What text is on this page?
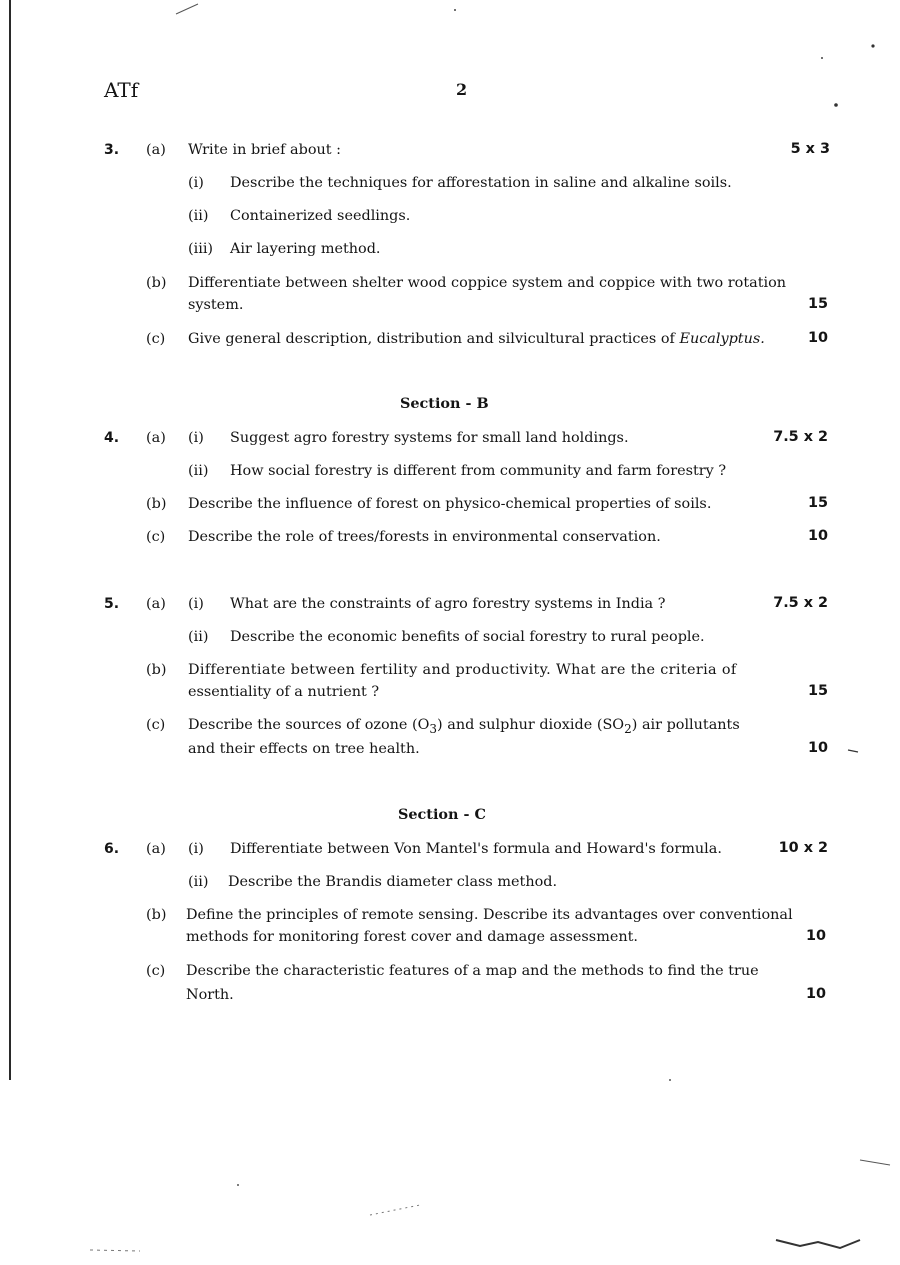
ATf	2
3. (a) Write in brief about :	5 x 3
(i) Describe the techniques for afforestation in saline and alkaline soils.
(ii) Containerized seedlings.
(iii) Air layering method.
(b) Differentiate between shelter wood coppice system and coppice with two rotation
system.	15
(c) Give general description, distribution and silvicultural practices of Eucalyptus.	10
Section - B
4. (a) (i) Suggest agro forestry systems for small land holdings.	7.5 x 2
(ii) How social forestry is different from community and farm forestry ?
(b) Describe the influence of forest on physico-chemical properties of soils.	15
(c) Describe the role of trees/forests in environmental conservation.	10
5. (a) (i) What are the constraints of agro forestry systems in India ?	7.5 x 2
(ii) Describe the economic benefits of social forestry to rural people.
(b) Differentiate between fertility and productivity. What are the criteria of
essentiality of a nutrient ?	15
(c) Describe the sources of ozone $(O_3)$ and sulphur dioxide $(SO_2)$ air pollutants
and their effects on tree health.	10
Section - C
6. (a) (i) Differentiate between Von Mantel's formula and Howard's formula.	10 x 2
(ii) Describe the Brandis diameter class method.
(b) Define the principles of remote sensing. Describe its advantages over conventional
methods for monitoring forest cover and damage assessment.	10
(c) Describe the characteristic features of a map and the methods to find the true
North.	10
